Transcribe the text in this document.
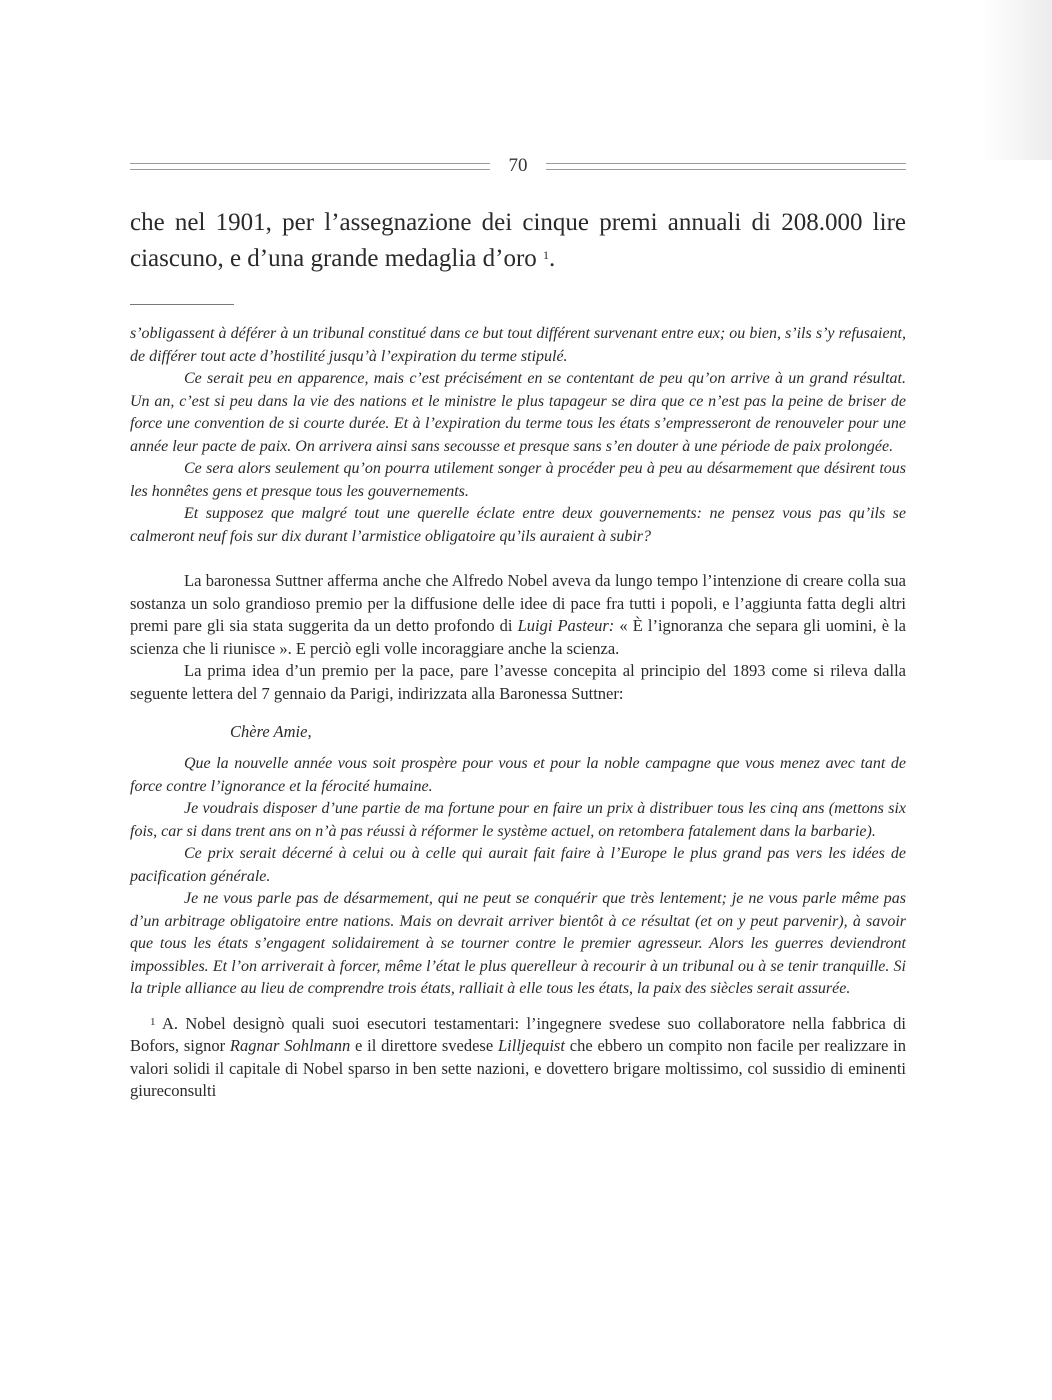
70

che nel 1901, per l’assegnazione dei cinque premi annuali di 208.000 lire ciascuno, e d’una grande medaglia d’oro $^1$.

s’obligassent à déférer à un tribunal constitué dans ce but tout différent survenant entre eux; ou bien, s’ils s’y refusaient, de différer tout acte d’hostilité jusqu’à l’expiration du terme stipulé.

Ce serait peu en apparence, mais c’est précisément en se contentant de peu qu’on arrive à un grand résultat. Un an, c’est si peu dans la vie des nations et le ministre le plus tapageur se dira que ce n’est pas la peine de briser de force une convention de si courte durée. Et à l’expiration du terme tous les états s’empresseront de renouveler pour une année leur pacte de paix. On arrivera ainsi sans secousse et presque sans s’en douter à une période de paix prolongée.

Ce sera alors seulement qu’on pourra utilement songer à procéder peu à peu au désarmement que désirent tous les honnêtes gens et presque tous les gouvernements.

Et supposez que malgré tout une querelle éclate entre deux gouvernements: ne pensez vous pas qu’ils se calmeront neuf fois sur dix durant l’armistice obligatoire qu’ils auraient à subir?

La baronessa Suttner afferma anche che Alfredo Nobel aveva da lungo tempo l’intenzione di creare colla sua sostanza un solo grandioso premio per la diffusione delle idee di pace fra tutti i popoli, e l’aggiunta fatta degli altri premi pare gli sia stata suggerita da un detto profondo di Luigi Pasteur: « È l’ignoranza che separa gli uomini, è la scienza che li riunisce ». E perciò egli volle incoraggiare anche la scienza.

La prima idea d’un premio per la pace, pare l’avesse concepita al principio del 1893 come si rileva dalla seguente lettera del 7 gennaio da Parigi, indirizzata alla Baronessa Suttner:

Chère Amie,

Que la nouvelle année vous soit prospère pour vous et pour la noble campagne que vous menez avec tant de force contre l’ignorance et la férocité humaine.

Je voudrais disposer d’une partie de ma fortune pour en faire un prix à distribuer tous les cinq ans (mettons six fois, car si dans trent ans on n’à pas réussi à réformer le système actuel, on retombera fatalement dans la barbarie).

Ce prix serait décerné à celui ou à celle qui aurait fait faire à l’Europe le plus grand pas vers les idées de pacification générale.

Je ne vous parle pas de désarmement, qui ne peut se conquérir que très lentement; je ne vous parle même pas d’un arbitrage obligatoire entre nations. Mais on devrait arriver bientôt à ce résultat (et on y peut parvenir), à savoir que tous les états s’engagent solidairement à se tourner contre le premier agresseur. Alors les guerres deviendront impossibles. Et l’on arriverait à forcer, même l’état le plus querelleur à recourir à un tribunal ou à se tenir tranquille. Si la triple alliance au lieu de comprendre trois états, ralliait à elle tous les états, la paix des siècles serait assurée.

$^1$ A. Nobel designò quali suoi esecutori testamentari: l’ingegnere svedese suo collaboratore nella fabbrica di Bofors, signor Ragnar Sohlmann e il direttore svedese Lilljequist che ebbero un compito non facile per realizzare in valori solidi il capitale di Nobel sparso in ben sette nazioni, e dovettero brigare moltissimo, col sussidio di eminenti giureconsulti
